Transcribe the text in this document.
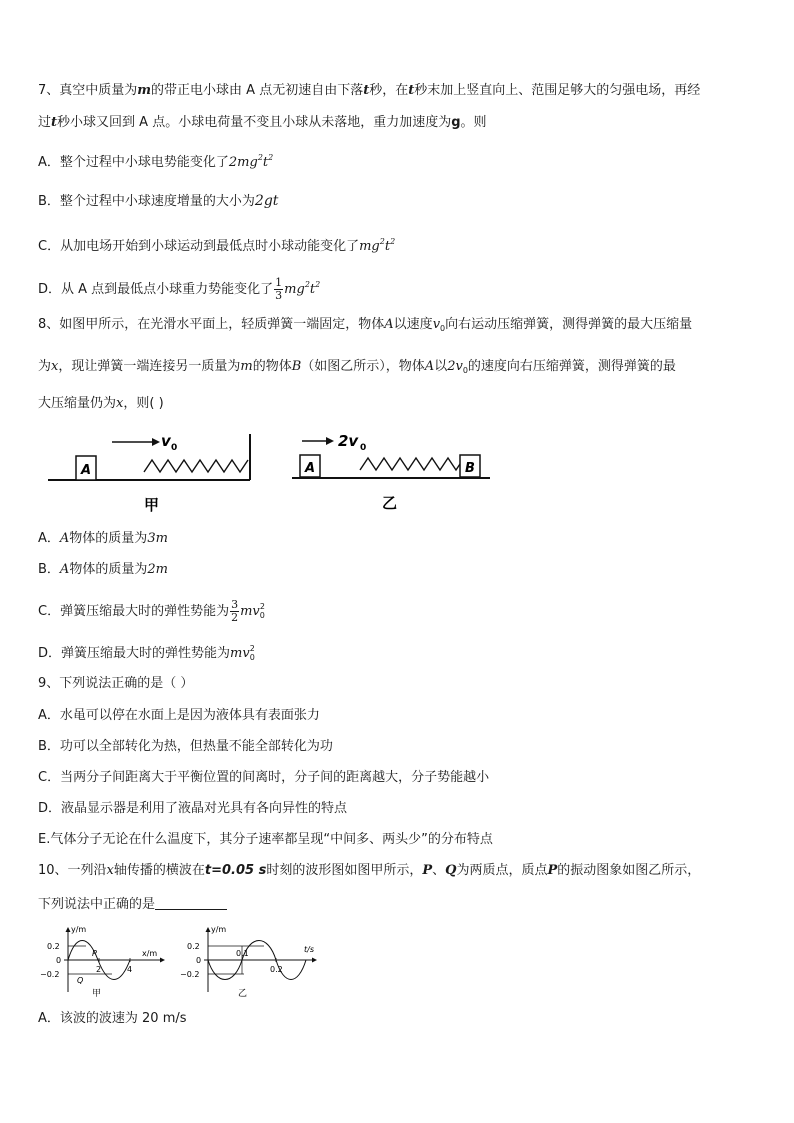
7、真空中质量为m的带正电小球由 A 点无初速自由下落t秒，在t秒末加上竖直向上、范围足够大的匀强电场，再经
过t秒小球又回到 A 点。小球电荷量不变且小球从未落地，重力加速度为g。则
A．整个过程中小球电势能变化了$2mg^2t^2$
B．整个过程中小球速度增量的大小为2gt
C．从加电场开始到小球运动到最低点时小球动能变化了$mg^2t^2$
D．从 A 点到最低点小球重力势能变化了 $\frac{1}{3} mg^2t^2$
8、如图甲所示，在光滑水平面上，轻质弹簧一端固定，物体A以速度$v_0$向右运动压缩弹簧，测得弹簧的最大压缩量
为x，现让弹簧一端连接另一质量为m的物体B（如图乙所示），物体A以$2v_0$的速度向右压缩弹簧，测得弹簧的最
大压缩量仍为x，则( )
A
v 0
甲
A	B
2v 0
乙
A．A物体的质量为3m
B．A物体的质量为2m
C．弹簧压缩最大时的弹性势能为 $\frac{3}{2} mv_0^2$
D．弹簧压缩最大时的弹性势能为$mv_0^2$
9、下列说法正确的是（ ）
A．水黾可以停在水面上是因为液体具有表面张力
B．功可以全部转化为热，但热量不能全部转化为功
C．当两分子间距离大于平衡位置的间离时，分子间的距离越大，分子势能越小
D．液晶显示器是利用了液晶对光具有各向异性的特点
E.气体分子无论在什么温度下，其分子速率都呈现“中间多、两头少”的分布特点
10、一列沿x轴传播的横波在t=0.05 s时刻的波形图如图甲所示，P、Q为两质点，质点P的振动图象如图乙所示，
下列说法中正确的是
y/m
x/m
0.2
0
−0.2
2	4
P
Q
甲
y/m
t/s
0.2
0
−0.2
0.1
0.2
乙
A．该波的波速为 20 m/s
